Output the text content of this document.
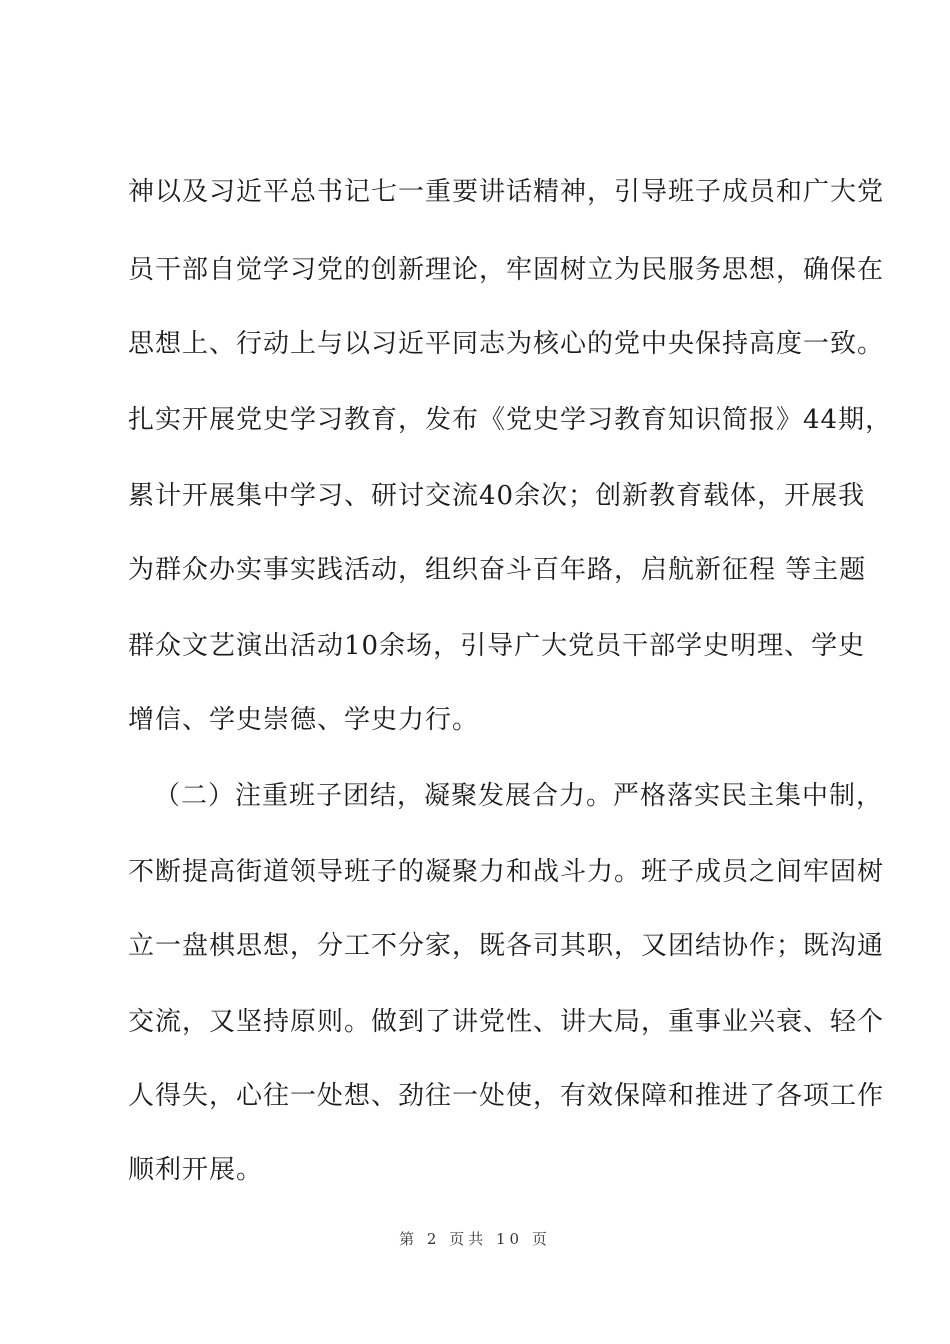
神以及习近平总书记七一重要讲话精神，引导班子成员和广大党
员干部自觉学习党的创新理论，牢固树立为民服务思想，确保在
思想上、行动上与以习近平同志为核心的党中央保持高度一致。
扎实开展党史学习教育，发布《党史学习教育知识简报》44期，
累计开展集中学习、研讨交流40余次；创新教育载体，开展我
为群众办实事实践活动，组织奋斗百年路，启航新征程 等主题
群众文艺演出活动10余场，引导广大党员干部学史明理、学史
增信、学史崇德、学史力行。
（二）注重班子团结，凝聚发展合力。严格落实民主集中制，
不断提高街道领导班子的凝聚力和战斗力。班子成员之间牢固树
立一盘棋思想，分工不分家，既各司其职，又团结协作；既沟通
交流，又坚持原则。做到了讲党性、讲大局，重事业兴衰、轻个
人得失，心往一处想、劲往一处使，有效保障和推进了各项工作
顺利开展。
第 2 页共 10 页
